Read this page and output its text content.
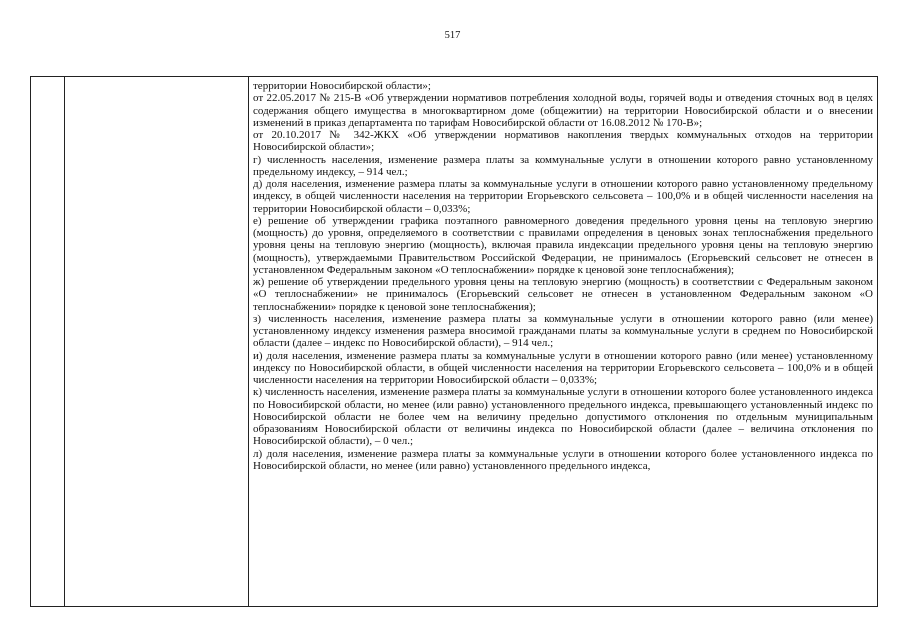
517

территории Новосибирской области»;

от 22.05.2017 № 215-В «Об утверждении нормативов потребления холодной воды, горячей воды и отведения сточных вод в целях содержания общего имущества в многоквартирном доме (общежитии) на территории Новосибирской области и о внесении изменений в приказ департамента по тарифам Новосибирской области от 16.08.2012 № 170-В»;

от 20.10.2017 № 342-ЖКХ «Об утверждении нормативов накопления твердых коммунальных отходов на территории Новосибирской области»;

г) численность населения, изменение размера платы за коммунальные услуги в отношении которого равно установленному предельному индексу, – 914 чел.;

д) доля населения, изменение размера платы за коммунальные услуги в отношении которого равно установленному предельному индексу, в общей численности населения на территории Егорьевского сельсовета – 100,0% и в общей численности населения на территории Новосибирской области – 0,033%;

е) решение об утверждении графика поэтапного равномерного доведения предельного уровня цены на тепловую энергию (мощность) до уровня, определяемого в соответствии с правилами определения в ценовых зонах теплоснабжения предельного уровня цены на тепловую энергию (мощность), включая правила индексации предельного уровня цены на тепловую энергию (мощность), утверждаемыми Правительством Российской Федерации, не принималось (Егорьевский сельсовет не отнесен в установленном Федеральным законом «О теплоснабжении» порядке к ценовой зоне теплоснабжения);

ж) решение об утверждении предельного уровня цены на тепловую энергию (мощность) в соответствии с Федеральным законом «О теплоснабжении» не принималось (Егорьевский сельсовет не отнесен в установленном Федеральным законом «О теплоснабжении» порядке к ценовой зоне теплоснабжения);

з) численность населения, изменение размера платы за коммунальные услуги в отношении которого равно (или менее) установленному индексу изменения размера вносимой гражданами платы за коммунальные услуги в среднем по Новосибирской области (далее – индекс по Новосибирской области), – 914 чел.;

и) доля населения, изменение размера платы за коммунальные услуги в отношении которого равно (или менее) установленному индексу по Новосибирской области, в общей численности населения на территории Егорьевского сельсовета – 100,0% и в общей численности населения на территории Новосибирской области – 0,033%;

к) численность населения, изменение размера платы за коммунальные услуги в отношении которого более установленного индекса по Новосибирской области, но менее (или равно) установленного предельного индекса, превышающего установленный индекс по Новосибирской области не более чем на величину предельно допустимого отклонения по отдельным муниципальным образованиям Новосибирской области от величины индекса по Новосибирской области (далее – величина отклонения по Новосибирской области), – 0 чел.;

л) доля населения, изменение размера платы за коммунальные услуги в отношении которого более установленного индекса по Новосибирской области, но менее (или равно) установленного предельного индекса,
